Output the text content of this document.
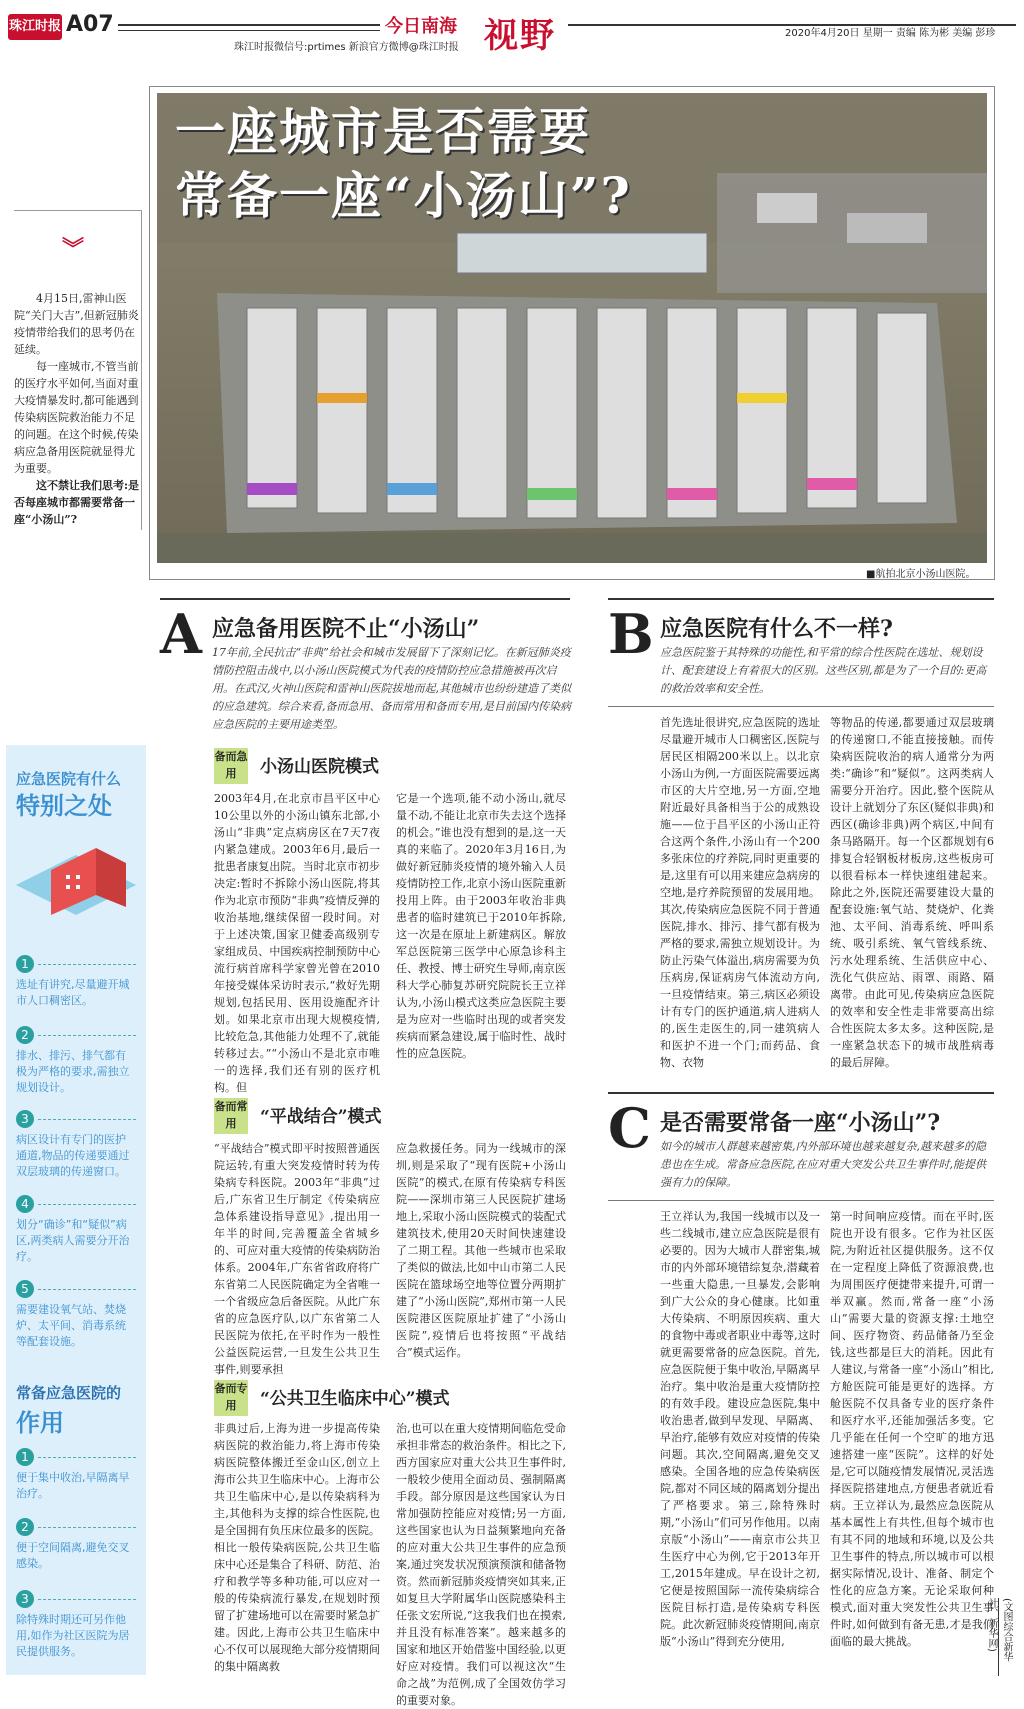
珠江时报 A07
珠江时报微信号:prtimes 新浪官方微博@珠江时报
今日南海 视野	2020年4月20日 星期一 责编 陈为彬 美编 彭珍
一座城市是否需要
常备一座“小汤山”?
■航拍北京小汤山医院。
︾

4月15日,雷神山医院“关门大吉”,但新冠肺炎疫情带给我们的思考仍在延续。

每一座城市,不管当前的医疗水平如何,当面对重大疫情暴发时,都可能遇到传染病医院救治能力不足的问题。在这个时候,传染病应急备用医院就显得尤为重要。

这不禁让我们思考:是否每座城市都需要常备一座“小汤山”?

应急医院有什么
特别之处
1
选址有讲究,尽量避开城市人口稠密区。
2
排水、排污、排气都有极为严格的要求,需独立规划设计。
3
病区设计有专门的医护通道,物品的传递要通过双层玻璃的传递窗口。
4
划分“确诊”和“疑似”病区,两类病人需要分开治疗。
5
需要建设氧气站、焚烧炉、太平间、消毒系统等配套设施。
常备应急医院的
作用
1
便于集中收治,早隔离早治疗。
2
便于空间隔离,避免交叉感染。
3
除特殊时期还可另作他用,如作为社区医院为居民提供服务。
A 应急备用医院不止“小汤山”
17年前,全民抗击“非典”给社会和城市发展留下了深刻记忆。在新冠肺炎疫情防控阻击战中,以小汤山医院模式为代表的疫情防控应急措施被再次启用。在武汉,火神山医院和雷神山医院拔地而起,其他城市也纷纷建造了类似的应急建筑。综合来看,备而急用、备而常用和备而专用,是目前国内传染病应急医院的主要用途类型。
备而急用	小汤山医院模式
2003年4月,在北京市昌平区中心10公里以外的小汤山镇东北部,小汤山“非典”定点病房区在7天7夜内紧急建成。2003年6月,最后一批患者康复出院。当时北京市初步决定:暂时不拆除小汤山医院,将其作为北京市预防“非典”疫情反弹的收治基地,继续保留一段时间。对于上述决策,国家卫健委高级别专家组成员、中国疾病控制预防中心流行病首席科学家曾光曾在2010年接受媒体采访时表示,“救好先期规划,包括民用、医用设施配齐计划。如果北京市出现大规模疫情,比较危急,其他能力处理不了,就能转移过去。”“小汤山不是北京市唯一的选择,我们还有别的医疗机构。但
它是一个选项,能不动小汤山,就尽量不动,不能让北京市失去这个选择的机会。”谁也没有想到的是,这一天真的来临了。2020年3月16日,为做好新冠肺炎疫情的境外输入人员疫情防控工作,北京小汤山医院重新投用上阵。由于2003年收治非典患者的临时建筑已于2010年拆除,这一次是在原址上新建病区。解放军总医院第三医学中心原急诊科主任、教授、博士研究生导师,南京医科大学心肺复苏研究院院长王立祥认为,小汤山模式这类应急医院主要是为应对一些临时出现的或者突发疾病而紧急建设,属于临时性、战时性的应急医院。
备而常用	“平战结合”模式
“平战结合”模式即平时按照普通医院运转,有重大突发疫情时转为传染病专科医院。2003年“非典”过后,广东省卫生厅制定《传染病应急体系建设指导意见》,提出用一年半的时间,完善覆盖全省城乡的、可应对重大疫情的传染病防治体系。2004年,广东省省政府将广东省第二人民医院确定为全省唯一一个省级应急后备医院。从此广东省的应急医疗队,以广东省第二人民医院为依托,在平时作为一般性公益医院运营,一旦发生公共卫生事件,则要承担
应急救援任务。同为一线城市的深圳,则是采取了“现有医院+小汤山医院”的模式,在原有传染病专科医院——深圳市第三人民医院扩建场地上,采取小汤山医院模式的装配式建筑技术,使用20天时间快速建设了二期工程。其他一些城市也采取了类似的做法,比如中山市第二人民医院在篮球场空地等位置分两期扩建了“小汤山医院”,郑州市第一人民医院港区医院原址扩建了“小汤山医院”,疫情后也将按照“平战结合”模式运作。
备而专用	“公共卫生临床中心”模式
非典过后,上海为进一步提高传染病医院的救治能力,将上海市传染病医院整体搬迁至金山区,创立上海市公共卫生临床中心。上海市公共卫生临床中心,是以传染病科为主,其他科为支撑的综合性医院,也是全国拥有负压床位最多的医院。相比一般传染病医院,公共卫生临床中心还是集合了科研、防范、治疗和教学等多种功能,可以应对一般的传染病流行暴发,在规划时预留了扩建场地可以在需要时紧急扩建。因此,上海市公共卫生临床中心不仅可以展现绝大部分疫情期间的集中隔离救
治,也可以在重大疫情期间临危受命承担非常态的救治条件。相比之下,西方国家应对重大公共卫生事件时,一般较少使用全面动员、强制隔离手段。部分原因是这些国家认为日常加强防控能应对疫情;另一方面,这些国家也认为日益频繁地向充备的应对重大公共卫生事件的应急预案,通过突发状况预演预演和储备物资。然而新冠肺炎疫情突如其来,正如复旦大学附属华山医院感染科主任张文宏所说,“这我我们也在摸索,并且没有标准答案”。越来越多的国家和地区开始借鉴中国经验,以更好应对疫情。我们可以视这次“生命之战”为范例,成了全国效仿学习的重要对象。
B 应急医院有什么不一样?
应急医院鉴于其特殊的功能性,和平常的综合性医院在选址、规划设计、配套建设上有着很大的区别。这些区别,都是为了一个目的:更高的救治效率和安全性。
首先选址很讲究,应急医院的选址尽量避开城市人口稠密区,医院与居民区相隔200米以上。以北京小汤山为例,一方面医院需要远离市区的大片空地,另一方面,空地附近最好具备相当于公的成熟设施——位于昌平区的小汤山正符合这两个条件,小汤山有一个200多张床位的疗养院,同时更重要的是,这里有可以用来建应急病房的空地,是疗养院预留的发展用地。其次,传染病应急医院不同于普通医院,排水、排污、排气都有极为严格的要求,需独立规划设计。为防止污染气体溢出,病房需要为负压病房,保证病房气体流动方向,一旦疫情结束。第三,病区必须设计有专门的医护通道,病人进病人的,医生走医生的,同一建筑病人和医护不进一个门;而药品、食物、衣物
等物品的传递,都要通过双层玻璃的传递窗口,不能直接接触。而传染病医院收治的病人通常分为两类:“确诊”和“疑似”。这两类病人需要分开治疗。因此,整个医院从设计上就划分了东区(疑似非典)和西区(确诊非典)两个病区,中间有条马路隔开。每一个区都规划有6排复合轻钢板材板房,这些板房可以很看标本一样快速组建起来。除此之外,医院还需要建设大量的配套设施:氧气站、焚烧炉、化粪池、太平间、消毒系统、呼叫系统、吸引系统、氧气管线系统、污水处理系统、生活供应中心、洗化气供应站、雨罩、雨路、隔离带。由此可见,传染病应急医院的效率和安全性走非常要高出综合性医院太多太多。这种医院,是一座紧急状态下的城市战胜病毒的最后屏障。
C 是否需要常备一座“小汤山”?
如今的城市人群越来越密集,内外部环境也越来越复杂,越来越多的隐患也在生成。常备应急医院,在应对重大突发公共卫生事件时,能提供强有力的保障。
王立祥认为,我国一线城市以及一些二线城市,建立应急医院是很有必要的。因为大城市人群密集,城市的内外部环境错综复杂,潜藏着一些重大隐患,一旦暴发,会影响到广大公众的身心健康。比如重大传染病、不明原因疾病、重大的食物中毒或者职业中毒等,这时就更需要常备的应急医院。首先,应急医院便于集中收治,早隔离早治疗。集中收治是重大疫情防控的有效手段。建设应急医院,集中收治患者,做到早发现、早隔离、早治疗,能够有效应对疫情的传染问题。其次,空间隔离,避免交叉感染。全国各地的应急传染病医院,都对不同区域的隔离划分提出了严格要求。第三,除特殊时期,“小汤山”们可另作他用。以南京版“小汤山”——南京市公共卫生医疗中心为例,它于2013年开工,2015年建成。早在设计之初,它便是按照国际一流传染病综合医院目标打造,是传染病专科医院。此次新冠肺炎疫情期间,南京版“小汤山”得到充分使用,
第一时间响应疫情。而在平时,医院也开设有很多。它作为社区医院,为附近社区提供服务。这不仅在一定程度上降低了资源浪费,也为周围医疗便捷带来提升,可谓一举双赢。然而,常备一座“小汤山”需要大量的资源支撑:土地空间、医疗物资、药品储备乃至金钱,这些都是巨大的消耗。因此有人建议,与常备一座“小汤山”相比,方舱医院可能是更好的选择。方舱医院不仅具备专业的医疗条件和医疗水平,还能加强活多变。它几乎能在任何一个空旷的地方迅速搭建一座“医院”。这样的好处是,它可以随疫情发展情况,灵活选择医院搭建地点,方便患者就近看病。王立祥认为,最然应急医院从基本属性上有共性,但每个城市也有其不同的地域和环境,以及公共卫生事件的特点,所以城市可以根据实际情况,设计、准备、制定个性化的应急方案。无论采取何种模式,面对重大突发性公共卫生事件时,如何做到有备无患,才是我们面临的最大挑战。	(文图综合新华社、新华网)
